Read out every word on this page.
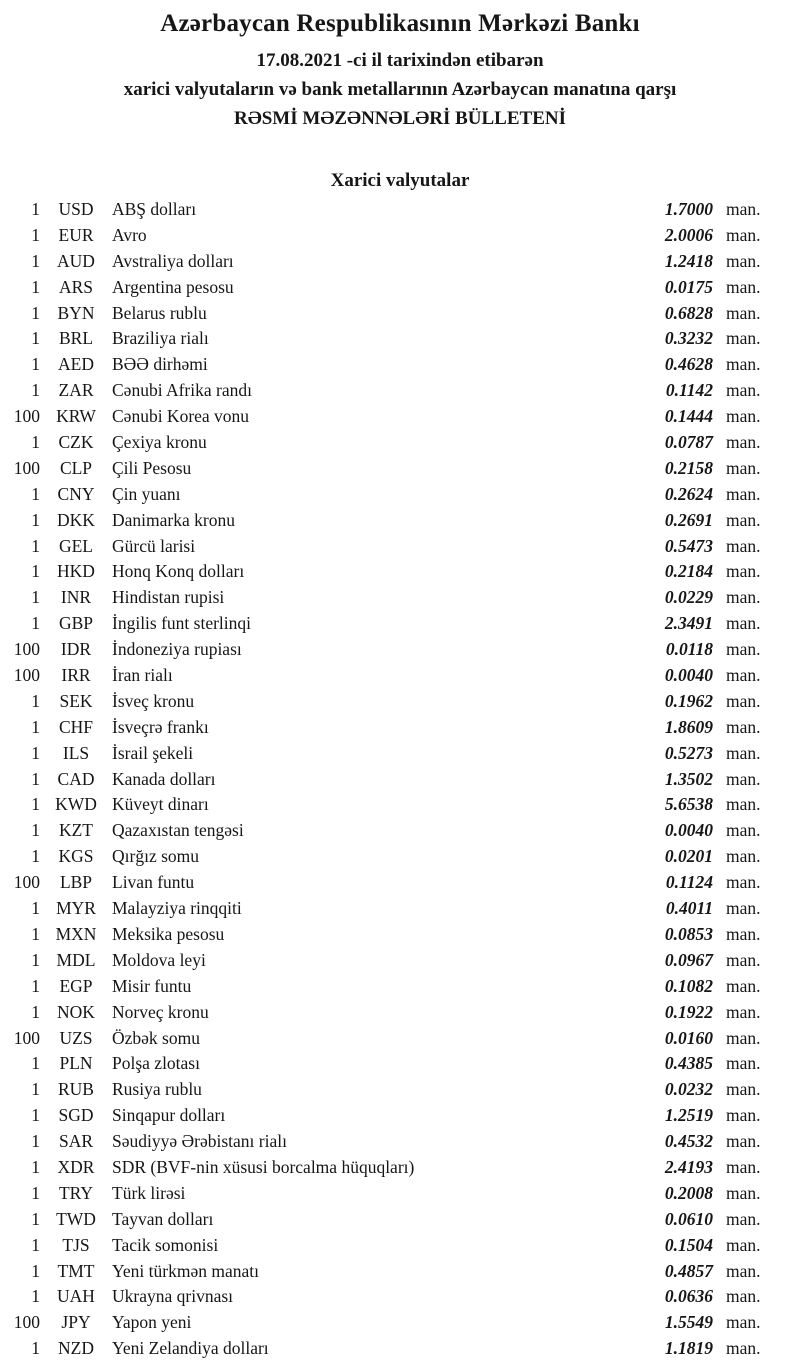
Azərbaycan Respublikasının Mərkəzi Bankı
17.08.2021 -ci il tarixindən etibarən
xarici valyutaların və bank metallarının Azərbaycan manatına qarşı
RƏSMİ MƏZƏNNƏLƏRİ BÜLLETENİ
Xarici valyutalar
1	USD	ABŞ dolları	1.7000 man.
1	EUR	Avro	2.0006 man.
1 AUD Avstraliya dolları	1.2418 man.
1	ARS	Argentina pesosu	0.0175 man.
1	BYN	Belarus rublu	0.6828 man.
1	BRL	Braziliya rialı	0.3232 man.
1	AED	BƏƏ dirhəmi	0.4628 man.
1	ZAR	Cənubi Afrika randı	0.1142 man.
100 KRW Cənubi Korea vonu	0.1444 man.
1	CZK	Çexiya kronu	0.0787 man.
100	CLP	Çili Pesosu	0.2158 man.
1	CNY	Çin yuanı	0.2624 man.
1 DKK Danimarka kronu	0.2691 man.
1	GEL	Gürcü larisi	0.5473 man.
1 HKD Honq Konq dolları	0.2184 man.
1	INR	Hindistan rupisi	0.0229 man.
1	GBP	İngilis funt sterlinqi	2.3491 man.
100	IDR	İndoneziya rupiası	0.0118 man.
100	IRR	İran rialı	0.0040 man.
1	SEK	İsveç kronu	0.1962 man.
1	CHF	İsveçrə frankı	1.8609 man.
1	ILS	İsrail şekeli	0.5273 man.
1	CAD	Kanada dolları	1.3502 man.
1 KWD Küveyt dinarı	5.6538 man.
1	KZT	Qazaxıstan tengəsi	0.0040 man.
1	KGS	Qırğız somu	0.0201 man.
100	LBP	Livan funtu	0.1124 man.
1 MYR Malayziya rinqqiti	0.4011 man.
1 MXN Meksika pesosu	0.0853 man.
1 MDL Moldova leyi	0.0967 man.
1	EGP	Misir funtu	0.1082 man.
1 NOK Norveç kronu	0.1922 man.
100	UZS	Özbək somu	0.0160 man.
1	PLN	Polşa zlotası	0.4385 man.
1	RUB	Rusiya rublu	0.0232 man.
1	SGD	Sinqapur dolları	1.2519 man.
1	SAR	Səudiyyə Ərəbistanı rialı	0.4532 man.
1	XDR	SDR (BVF-nin xüsusi borcalma hüquqları)	2.4193 man.
1	TRY	Türk lirəsi	0.2008 man.
1 TWD Tayvan dolları	0.0610 man.
1	TJS	Tacik somonisi	0.1504 man.
1	TMT	Yeni türkmən manatı	0.4857 man.
1 UAH Ukrayna qrivnası	0.0636 man.
100	JPY	Yapon yeni	1.5549 man.
1	NZD	Yeni Zelandiya dolları	1.1819 man.
